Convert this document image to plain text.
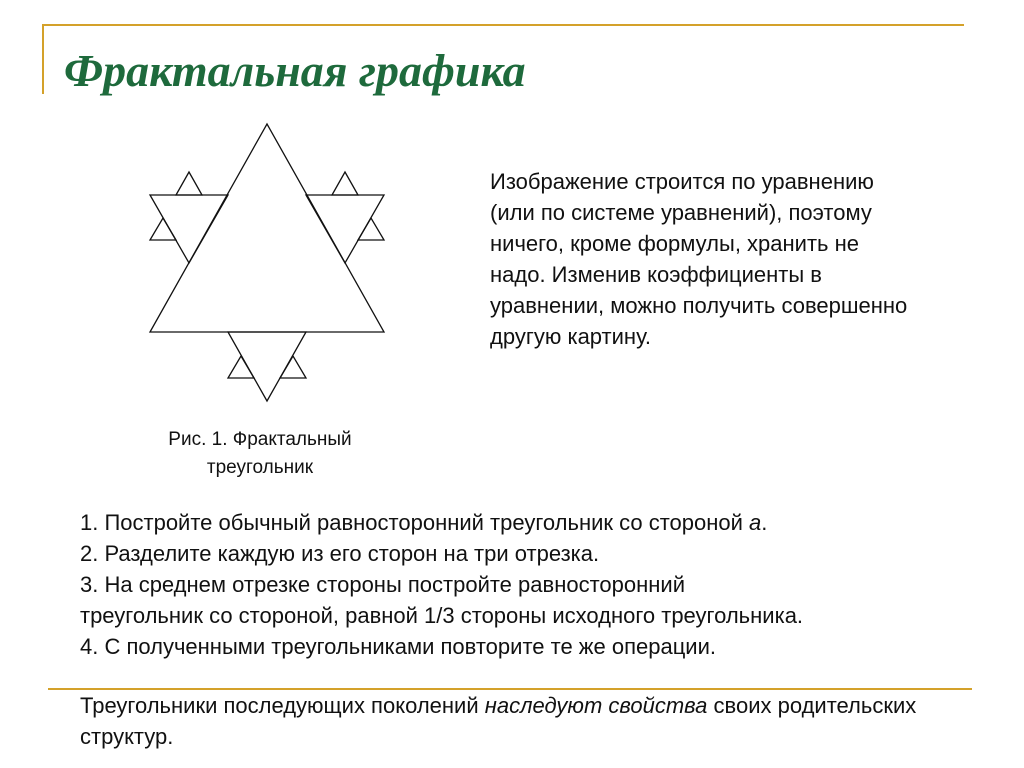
Фрактальная графика
Рис. 1. Фрактальный
треугольник
Изображение строится по уравнению (или по системе уравнений), поэтому ничего, кроме формулы, хранить не надо. Изменив коэффициенты в уравнении, можно получить совершенно другую картину.
1. Постройте обычный равносторонний треугольник со стороной а.
2. Разделите каждую из его сторон на три отрезка.
3. На среднем отрезке стороны постройте равносторонний
треугольник со стороной, равной 1/3 стороны исходного треугольника.
4. С полученными треугольниками повторите те же операции.
Треугольники последующих поколений наследуют свойства своих родительских структур.
